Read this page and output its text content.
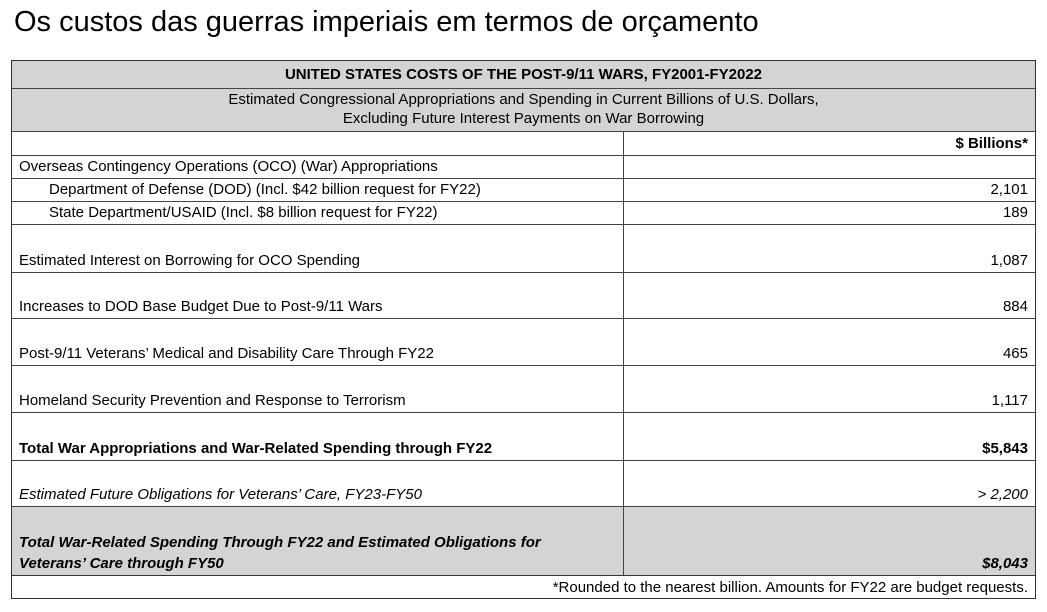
Os custos das guerras imperiais em termos de orçamento
UNITED STATES COSTS OF THE POST-9/11 WARS, FY2001-FY2022
Estimated Congressional Appropriations and Spending in Current Billions of U.S. Dollars,
Excluding Future Interest Payments on War Borrowing
$ Billions*
Overseas Contingency Operations (OCO) (War) Appropriations
Department of Defense (DOD) (Incl. $42 billion request for FY22)	2,101
State Department/USAID (Incl. $8 billion request for FY22)	189
Estimated Interest on Borrowing for OCO Spending	1,087
Increases to DOD Base Budget Due to Post-9/11 Wars	884
Post-9/11 Veterans’ Medical and Disability Care Through FY22	465
Homeland Security Prevention and Response to Terrorism	1,117
Total War Appropriations and War-Related Spending through FY22	$5,843
Estimated Future Obligations for Veterans’ Care, FY23-FY50	> 2,200
Total War-Related Spending Through FY22 and Estimated Obligations for
Veterans’ Care through FY50	$8,043
*Rounded to the nearest billion. Amounts for FY22 are budget requests.
